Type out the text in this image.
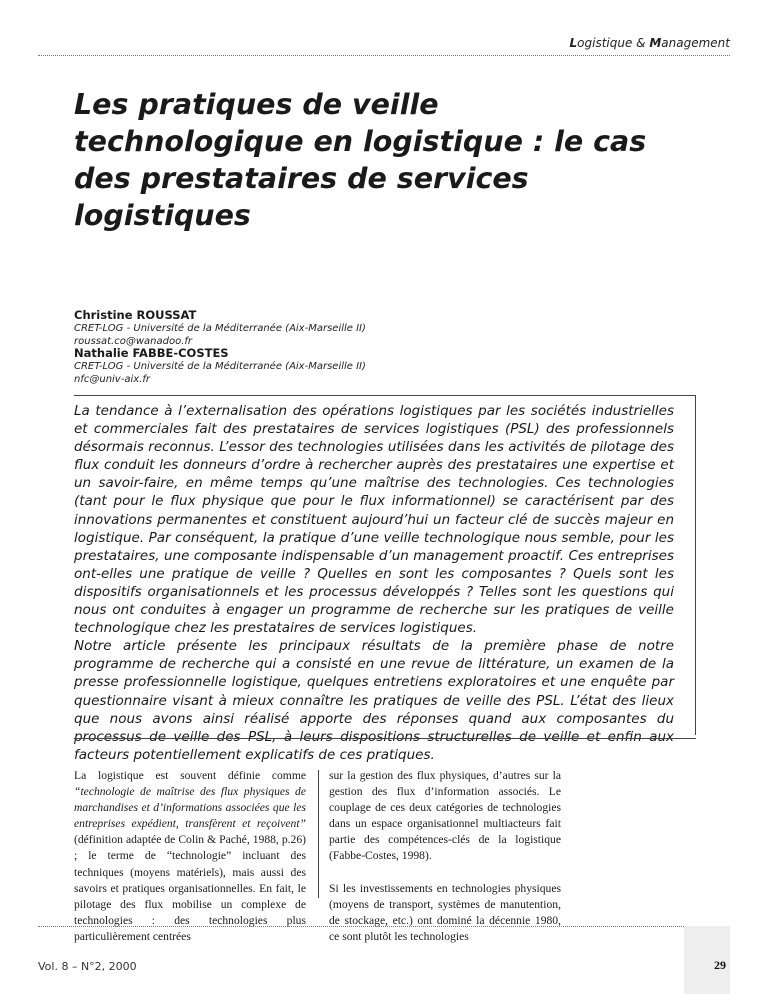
Logistique & Management
Les pratiques de veille technologique en logistique : le cas des prestataires de services logistiques
Christine ROUSSAT
CRET-LOG - Université de la Méditerranée (Aix-Marseille II)
roussat.co@wanadoo.fr
Nathalie FABBE-COSTES
CRET-LOG - Université de la Méditerranée (Aix-Marseille II)
nfc@univ-aix.fr

La tendance à l’externalisation des opérations logistiques par les sociétés industrielles et commerciales fait des prestataires de services logistiques (PSL) des professionnels désormais reconnus. L’essor des technologies utilisées dans les activités de pilotage des flux conduit les donneurs d’ordre à rechercher auprès des prestataires une expertise et un savoir-faire, en même temps qu’une maîtrise des technologies. Ces technologies (tant pour le flux physique que pour le flux informationnel) se caractérisent par des innovations permanentes et constituent aujourd’hui un facteur clé de succès majeur en logistique. Par conséquent, la pratique d’une veille technologique nous semble, pour les prestataires, une composante indispensable d’un management proactif. Ces entreprises ont-elles une pratique de veille ? Quelles en sont les composantes ? Quels sont les dispositifs organisationnels et les processus développés ? Telles sont les questions qui nous ont conduites à engager un programme de recherche sur les pratiques de veille technologique chez les prestataires de services logistiques.

Notre article présente les principaux résultats de la première phase de notre programme de recherche qui a consisté en une revue de littérature, un examen de la presse professionnelle logistique, quelques entretiens exploratoires et une enquête par questionnaire visant à mieux connaître les pratiques de veille des PSL. L’état des lieux que nous avons ainsi réalisé apporte des réponses quand aux composantes du processus de veille des PSL, à leurs dispositions structurelles de veille et enfin aux facteurs potentiellement explicatifs de ces pratiques.

La logistique est souvent définie comme “technologie de maîtrise des flux physiques de marchandises et d’informations associées que les entreprises expédient, transfèrent et reçoivent” (définition adaptée de Colin & Paché, 1988, p.26) ; le terme de “technologie” incluant des techniques (moyens matériels), mais aussi des savoirs et pratiques organisationnelles. En fait, le pilotage des flux mobilise un complexe de technologies : des technologies plus particulièrement centrées

sur la gestion des flux physiques, d’autres sur la gestion des flux d’information associés. Le couplage de ces deux catégories de technologies dans un espace organisationnel multiacteurs fait partie des compétences-clés de la logistique (Fabbe-Costes, 1998).

Si les investissements en technologies physiques (moyens de transport, systèmes de manutention, de stockage, etc.) ont dominé la décennie 1980, ce sont plutôt les technologies

Vol. 8 – N°2, 2000	29
